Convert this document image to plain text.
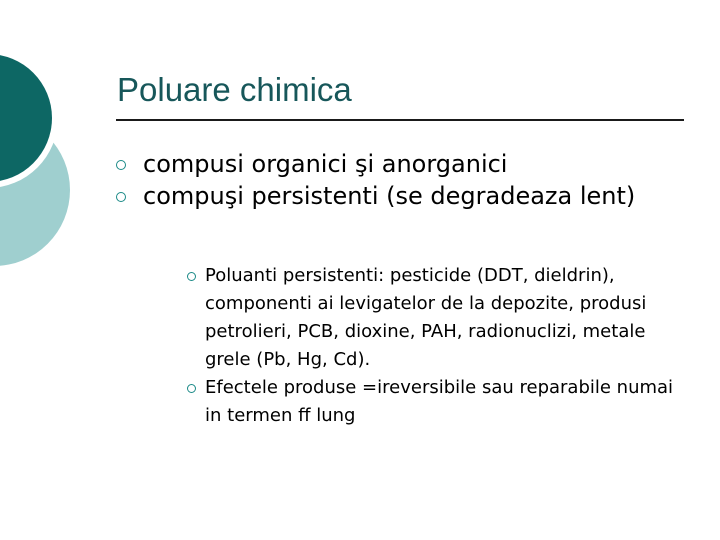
Poluare chimica
compusi organici şi anorganici
compuşi persistenti (se degradeaza lent)
Poluanti persistenti: pesticide (DDT, dieldrin), componenti ai levigatelor de la depozite, produsi petrolieri, PCB, dioxine, PAH, radionuclizi, metale grele (Pb, Hg, Cd).
Efectele produse =ireversibile sau reparabile numai in termen ff lung
